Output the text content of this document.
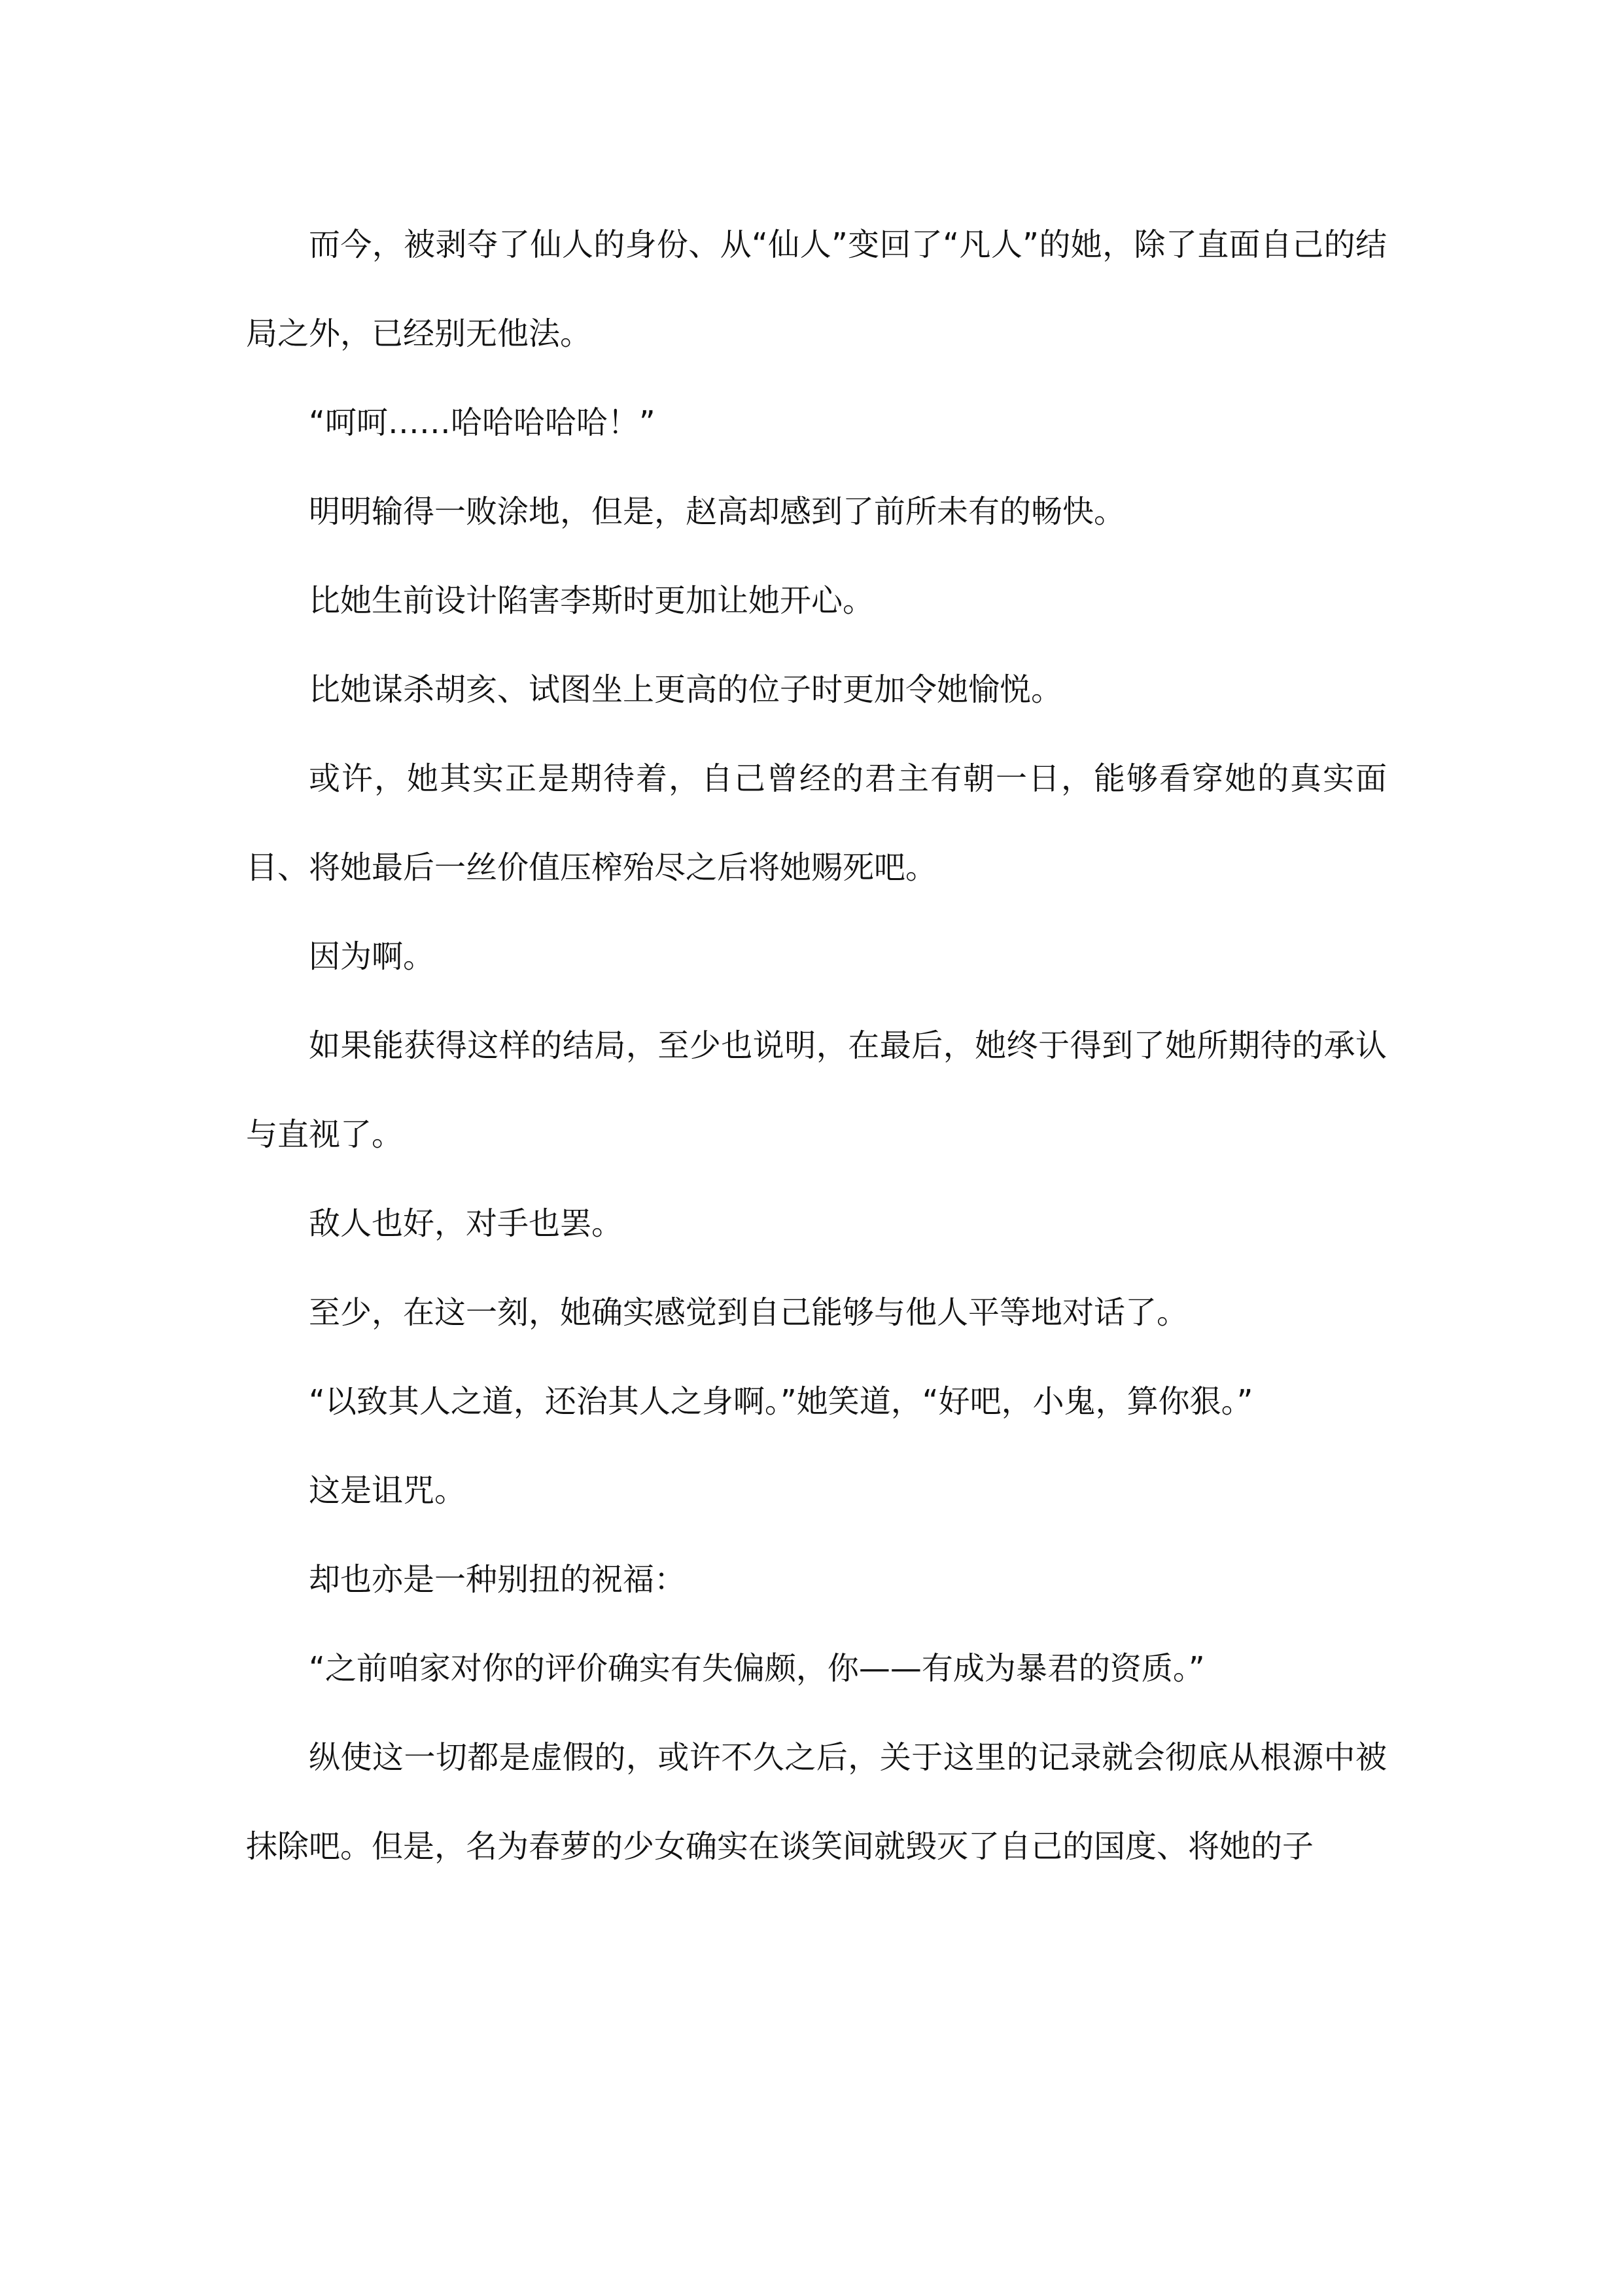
而今，被剥夺了仙人的身份、从“仙人”变回了“凡人”的她，除了直面自己的结局之外，已经别无他法。

“呵呵……哈哈哈哈哈！”

明明输得一败涂地，但是，赵高却感到了前所未有的畅快。

比她生前设计陷害李斯时更加让她开心。

比她谋杀胡亥、试图坐上更高的位子时更加令她愉悦。

或许，她其实正是期待着，自己曾经的君主有朝一日，能够看穿她的真实面目、将她最后一丝价值压榨殆尽之后将她赐死吧。

因为啊。

如果能获得这样的结局，至少也说明，在最后，她终于得到了她所期待的承认与直视了。

敌人也好，对手也罢。

至少，在这一刻，她确实感觉到自己能够与他人平等地对话了。

“以致其人之道，还治其人之身啊。”她笑道，“好吧，小鬼，算你狠。”

这是诅咒。

却也亦是一种别扭的祝福：

“之前咱家对你的评价确实有失偏颇，你——有成为暴君的资质。”

纵使这一切都是虚假的，或许不久之后，关于这里的记录就会彻底从根源中被抹除吧。但是，名为春萝的少女确实在谈笑间就毁灭了自己的国度、将她的子
